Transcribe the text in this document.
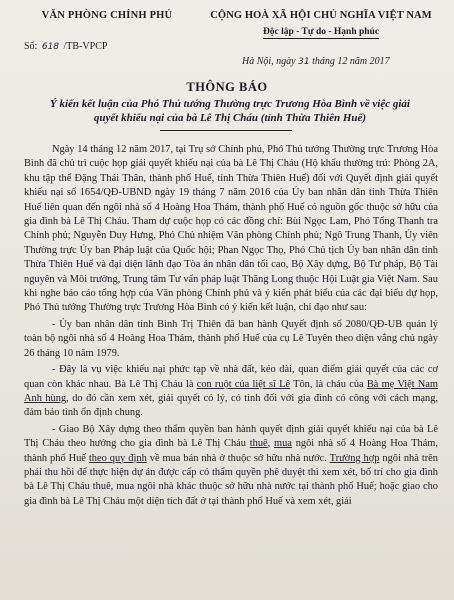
VĂN PHÒNG CHÍNH PHỦ	CỘNG HOÀ XÃ HỘI CHỦ NGHĨA VIỆT NAM
Độc lập - Tự do - Hạnh phúc
Số: 618 /TB-VPCP
Hà Nội, ngày 31 tháng 12 năm 2017
THÔNG BÁO
Ý kiến kết luận của Phó Thủ tướng Thường trực Trương Hòa Bình về việc giải quyết khiếu nại của bà Lê Thị Cháu (tỉnh Thừa Thiên Huế)

Ngày 14 tháng 12 năm 2017, tại Trụ sở Chính phủ, Phó Thủ tướng Thường trực Trương Hòa Bình đã chủ trì cuộc họp giải quyết khiếu nại của bà Lê Thị Cháu (Hộ khẩu thường trú: Phòng 2A, khu tập thể Đặng Thái Thân, thành phố Huế, tỉnh Thừa Thiên Huế) đối với Quyết định giải quyết khiếu nại số 1654/QĐ-UBND ngày 19 tháng 7 năm 2016 của Ủy ban nhân dân tỉnh Thừa Thiên Huế liên quan đến ngôi nhà số 4 Hoàng Hoa Thám, thành phố Huế có nguồn gốc thuộc sở hữu của gia đình bà Lê Thị Cháu. Tham dự cuộc họp có các đồng chí: Bùi Ngọc Lam, Phó Tổng Thanh tra Chính phủ; Nguyễn Duy Hưng, Phó Chủ nhiệm Văn phòng Chính phủ; Ngô Trung Thanh, Ủy viên Thường trực Ủy ban Pháp luật của Quốc hội; Phan Ngọc Thọ, Phó Chủ tịch Ủy ban nhân dân tỉnh Thừa Thiên Huế và đại diện lãnh đạo Tòa án nhân dân tối cao, Bộ Xây dựng, Bộ Tư pháp, Bộ Tài nguyên và Môi trường, Trung tâm Tư vấn pháp luật Thăng Long thuộc Hội Luật gia Việt Nam. Sau khi nghe báo cáo tổng hợp của Văn phòng Chính phủ và ý kiến phát biểu của các đại biểu dự họp, Phó Thủ tướng Thường trực Trương Hòa Bình có ý kiến kết luận, chỉ đạo như sau:

- Ủy ban nhân dân tỉnh Bình Trị Thiên đã ban hành Quyết định số 2080/QĐ-UB quản lý toàn bộ ngôi nhà số 4 Hoàng Hoa Thám, thành phố Huế của cụ Lê Tuyên theo diện vắng chủ ngày 26 tháng 10 năm 1979.

- Đây là vụ việc khiếu nại phức tạp về nhà đất, kéo dài, quan điểm giải quyết của các cơ quan còn khác nhau. Bà Lê Thị Cháu là con ruột của liệt sĩ Lê Tôn, là cháu của Bà mẹ Việt Nam Anh hùng, do đó cần xem xét, giải quyết có lý, có tình đối với gia đình có công với cách mạng, đảm bảo tình ổn định chung.

- Giao Bộ Xây dựng theo thẩm quyền ban hành quyết định giải quyết khiếu nại của bà Lê Thị Cháu theo hướng cho gia đình bà Lê Thị Cháu thuê, mua ngôi nhà số 4 Hoàng Hoa Thám, thành phố Huế theo quy định về mua bán nhà ở thuộc sở hữu nhà nước. Trường hợp ngôi nhà trên phải thu hồi để thực hiện dự án được cấp có thẩm quyền phê duyệt thì xem xét, bố trí cho gia đình bà Lê Thị Cháu thuê, mua ngôi nhà khác thuộc sở hữu nhà nước tại thành phố Huế; hoặc giao cho gia đình bà Lê Thị Cháu một diện tích đất ở tại thành phố Huế và xem xét, giải
